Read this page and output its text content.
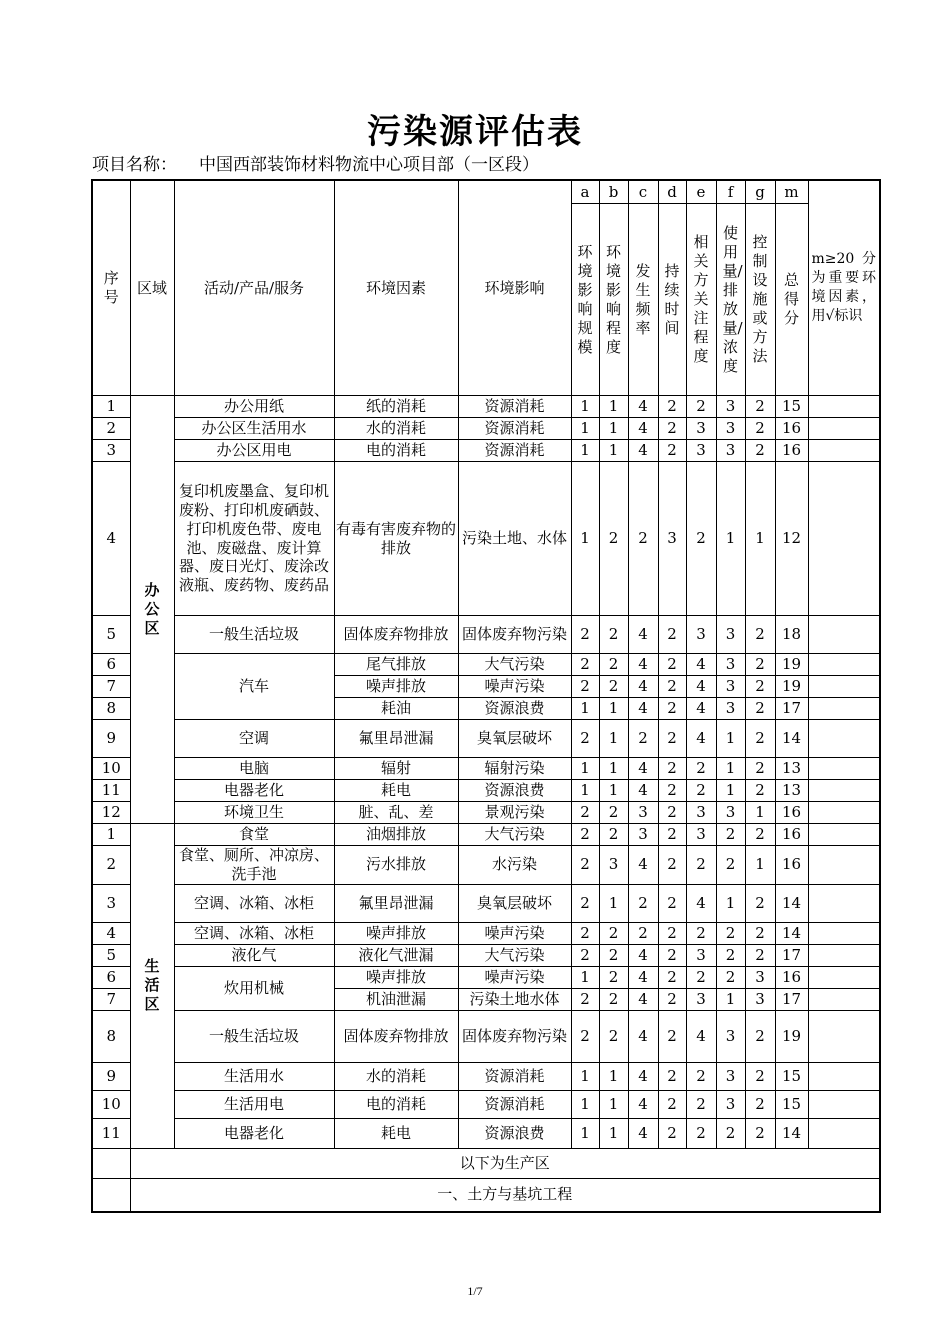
污染源评估表
项目名称： 中国西部装饰材料物流中心项目部（一区段）
序号	区域	活动/产品/服务	环境因素	环境影响	a	b	c	d	e	f	g	m	m≥20分为重要环境因素，用√标识

					环境影响规模	环境影响程度	发生频率	持续时间	相关方关注程度	使用量/排放量/浓度	控制设施或方法	总得分	

1	办公区	办公用纸	纸的消耗	资源消耗	1	1	4	2	2	3	2	15	
2		办公区生活用水	水的消耗	资源消耗	1	1	4	2	3	3	2	16	
3		办公区用电	电的消耗	资源消耗	1	1	4	2	3	3	2	16	
4		复印机废墨盒、复印机废粉、打印机废硒鼓、打印机废色带、废电池、废磁盘、废计算器、废日光灯、废涂改液瓶、废药物、废药品	有毒有害废弃物的排放	污染土地、水体	1	2	2	3	2	1	1	12	
5		一般生活垃圾	固体废弃物排放	固体废弃物污染	2	2	4	2	3	3	2	18	
6		汽车	尾气排放	大气污染	2	2	4	2	4	3	2	19	
7			噪声排放	噪声污染	2	2	4	2	4	3	2	19	
8			耗油	资源浪费	1	1	4	2	4	3	2	17	
9		空调	氟里昂泄漏	臭氧层破坏	2	1	2	2	4	1	2	14	
10		电脑	辐射	辐射污染	1	1	4	2	2	1	2	13	
11		电器老化	耗电	资源浪费	1	1	4	2	2	1	2	13	
12		环境卫生	脏、乱、差	景观污染	2	2	3	2	3	3	1	16	
1	生活区	食堂	油烟排放	大气污染	2	2	3	2	3	2	2	16	
2		食堂、厕所、冲凉房、洗手池	污水排放	水污染	2	3	4	2	2	2	1	16	
3		空调、冰箱、冰柜	氟里昂泄漏	臭氧层破坏	2	1	2	2	4	1	2	14	
4		空调、冰箱、冰柜	噪声排放	噪声污染	2	2	2	2	2	2	2	14	
5		液化气	液化气泄漏	大气污染	2	2	4	2	3	2	2	17	
6		炊用机械	噪声排放	噪声污染	1	2	4	2	2	2	3	16	
7			机油泄漏	污染土地水体	2	2	4	2	3	1	3	17	
8		一般生活垃圾	固体废弃物排放	固体废弃物污染	2	2	4	2	4	3	2	19	
9		生活用水	水的消耗	资源消耗	1	1	4	2	2	3	2	15	
10		生活用电	电的消耗	资源消耗	1	1	4	2	2	3	2	15	
11		电器老化	耗电	资源浪费	1	1	4	2	2	2	2	14	
	以下为生产区												
	一、土方与基坑工程												
1/7
